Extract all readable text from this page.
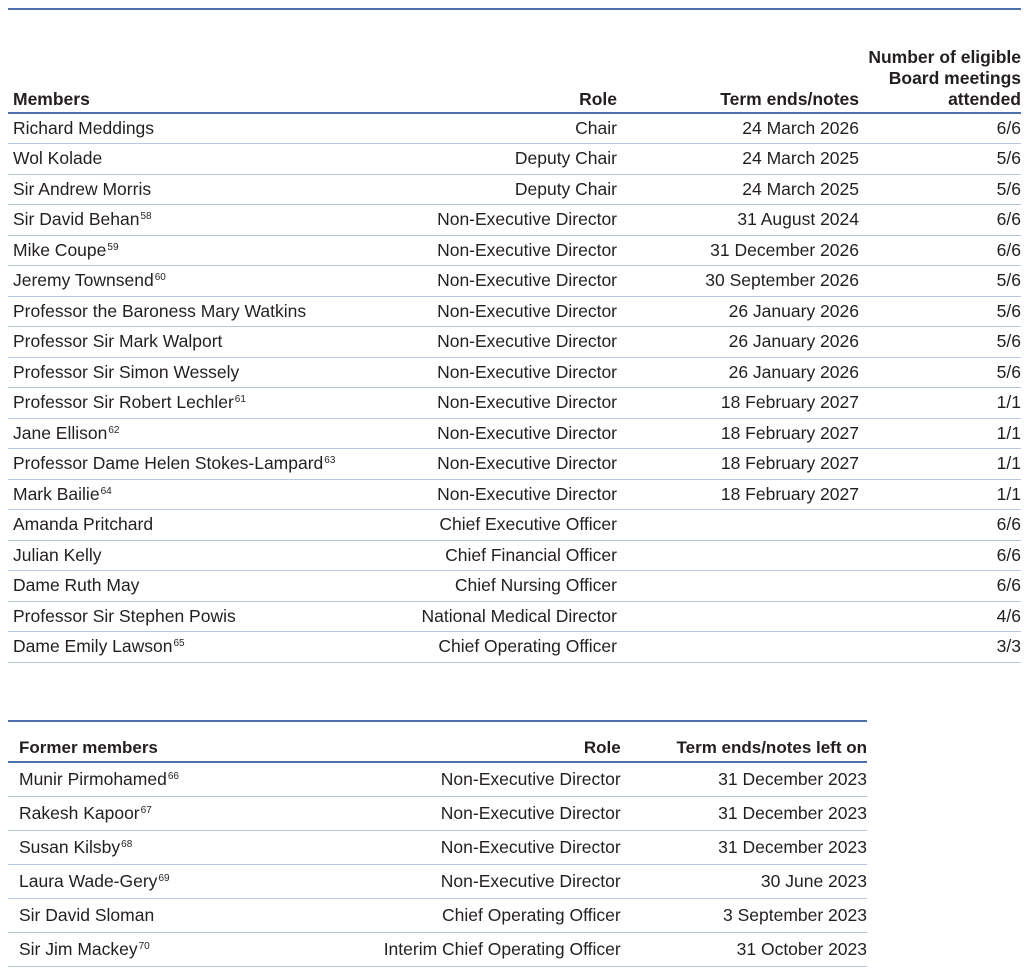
Members	Role	Term ends/notes	Number of eligible Board meetings attended
Richard Meddings	Chair	24 March 2026	6/6
Wol Kolade	Deputy Chair	24 March 2025	5/6
Sir Andrew Morris	Deputy Chair	24 March 2025	5/6
Sir David Behan$^{58}$	Non-Executive Director	31 August 2024	6/6
Mike Coupe$^{59}$	Non-Executive Director	31 December 2026	6/6
Jeremy Townsend$^{60}$	Non-Executive Director	30 September 2026	5/6
Professor the Baroness Mary Watkins	Non-Executive Director	26 January 2026	5/6
Professor Sir Mark Walport	Non-Executive Director	26 January 2026	5/6
Professor Sir Simon Wessely	Non-Executive Director	26 January 2026	5/6
Professor Sir Robert Lechler$^{61}$	Non-Executive Director	18 February 2027	1/1
Jane Ellison$^{62}$	Non-Executive Director	18 February 2027	1/1
Professor Dame Helen Stokes-Lampard$^{63}$	Non-Executive Director	18 February 2027	1/1
Mark Bailie$^{64}$	Non-Executive Director	18 February 2027	1/1
Amanda Pritchard	Chief Executive Officer		6/6
Julian Kelly	Chief Financial Officer		6/6
Dame Ruth May	Chief Nursing Officer		6/6
Professor Sir Stephen Powis	National Medical Director		4/6
Dame Emily Lawson$^{65}$	Chief Operating Officer		3/3
Former members	Role	Term ends/notes left on
Munir Pirmohamed$^{66}$	Non-Executive Director	31 December 2023
Rakesh Kapoor$^{67}$	Non-Executive Director	31 December 2023
Susan Kilsby$^{68}$	Non-Executive Director	31 December 2023
Laura Wade-Gery$^{69}$	Non-Executive Director	30 June 2023
Sir David Sloman	Chief Operating Officer	3 September 2023
Sir Jim Mackey$^{70}$	Interim Chief Operating Officer	31 October 2023
